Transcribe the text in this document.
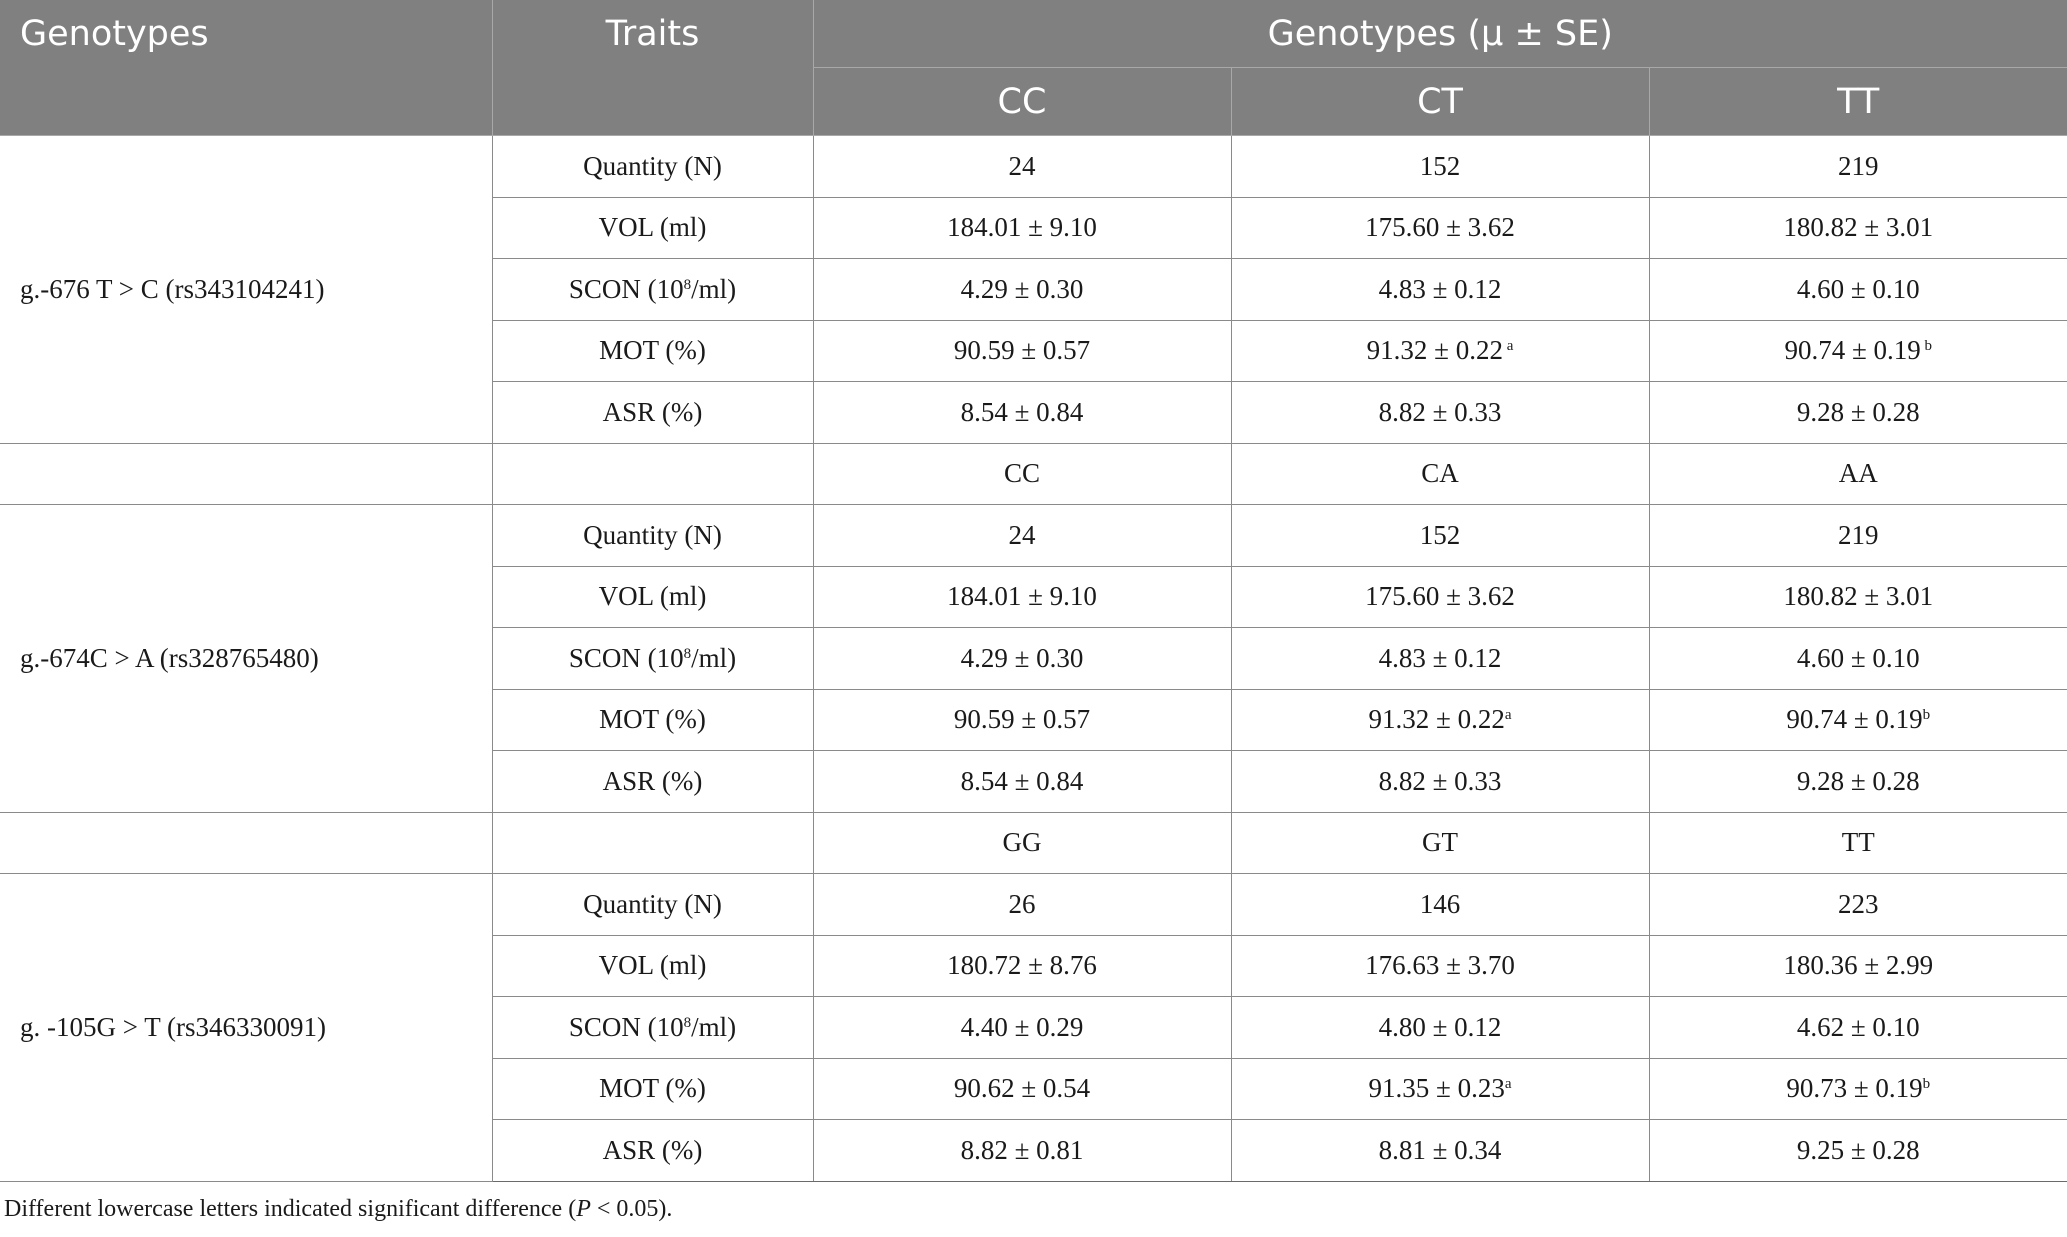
Genotypes	Traits	Genotypes (μ ± SE)		
		CC	CT	TT
g.-676 T > C (rs343104241)	Quantity (N)	24	152	219
	VOL (ml)	184.01 ± 9.10	175.60 ± 3.62	180.82 ± 3.01
	SCON $(10^8/ml)$	4.29 ± 0.30	4.83 ± 0.12	4.60 ± 0.10
	MOT (%)	90.59 ± 0.57	91.32 ± 0.22 $^a$	90.74 ± 0.19 $^b$
	ASR (%)	8.54 ± 0.84	8.82 ± 0.33	9.28 ± 0.28
		CC	CA	AA
g.-674C > A (rs328765480)	Quantity (N)	24	152	219
	VOL (ml)	184.01 ± 9.10	175.60 ± 3.62	180.82 ± 3.01
	SCON $(10^8/ml)$	4.29 ± 0.30	4.83 ± 0.12	4.60 ± 0.10
	MOT (%)	90.59 ± 0.57	91.32 ± 0.22$^a$	90.74 ± 0.19$^b$
	ASR (%)	8.54 ± 0.84	8.82 ± 0.33	9.28 ± 0.28
		GG	GT	TT
g. -105G > T (rs346330091)	Quantity (N)	26	146	223
	VOL (ml)	180.72 ± 8.76	176.63 ± 3.70	180.36 ± 2.99
	SCON $(10^8/ml)$	4.40 ± 0.29	4.80 ± 0.12	4.62 ± 0.10
	MOT (%)	90.62 ± 0.54	91.35 ± 0.23$^a$	90.73 ± 0.19$^b$
	ASR (%)	8.82 ± 0.81	8.81 ± 0.34	9.25 ± 0.28
Different lowercase letters indicated significant difference (P < 0.05).
